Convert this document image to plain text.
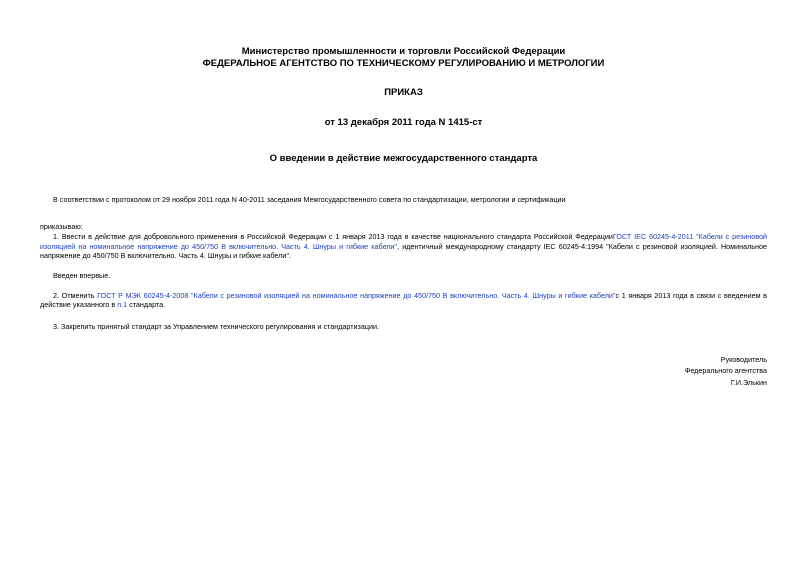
Министерство промышленности и торговли Российской Федерации
ФЕДЕРАЛЬНОЕ АГЕНТСТВО ПО ТЕХНИЧЕСКОМУ РЕГУЛИРОВАНИЮ И МЕТРОЛОГИИ
ПРИКАЗ
от 13 декабря 2011 года N 1415-ст
О введении в действие межгосударственного стандарта
В соответствии с протоколом от 29 ноября 2011 года N 40-2011 заседания Межгосударственного совета по стандартизации, метрологии и сертификации
приказываю:
1. Ввести в действие для добровольного применения в Российской Федерации с 1 января 2013 года в качестве национального стандарта Российской ФедерацииГОСТ IEC 60245-4-2011 "Кабели с резиновой изоляцией на номинальное напряжение до 450/750 В включительно. Часть 4. Шнуры и гибкие кабели", идентичный международному стандарту IEC 60245-4:1994 "Кабели с резиновой изоляцией. Номинальное напряжение до 450/750 В включительно. Часть 4. Шнуры и гибкие кабели".
Введен впервые.
2. Отменить ГОСТ Р МЭК 60245-4-2008 "Кабели с резиновой изоляцией на номинальное напряжение до 450/750 В включительно. Часть 4. Шнуры и гибкие кабели"с 1 января 2013 года в связи с введением в действие указанного в п.1 стандарта.
3. Закрепить принятый стандарт за Управлением технического регулирования и стандартизации.
Руководитель
Федерального агентства
Г.И.Элькин
